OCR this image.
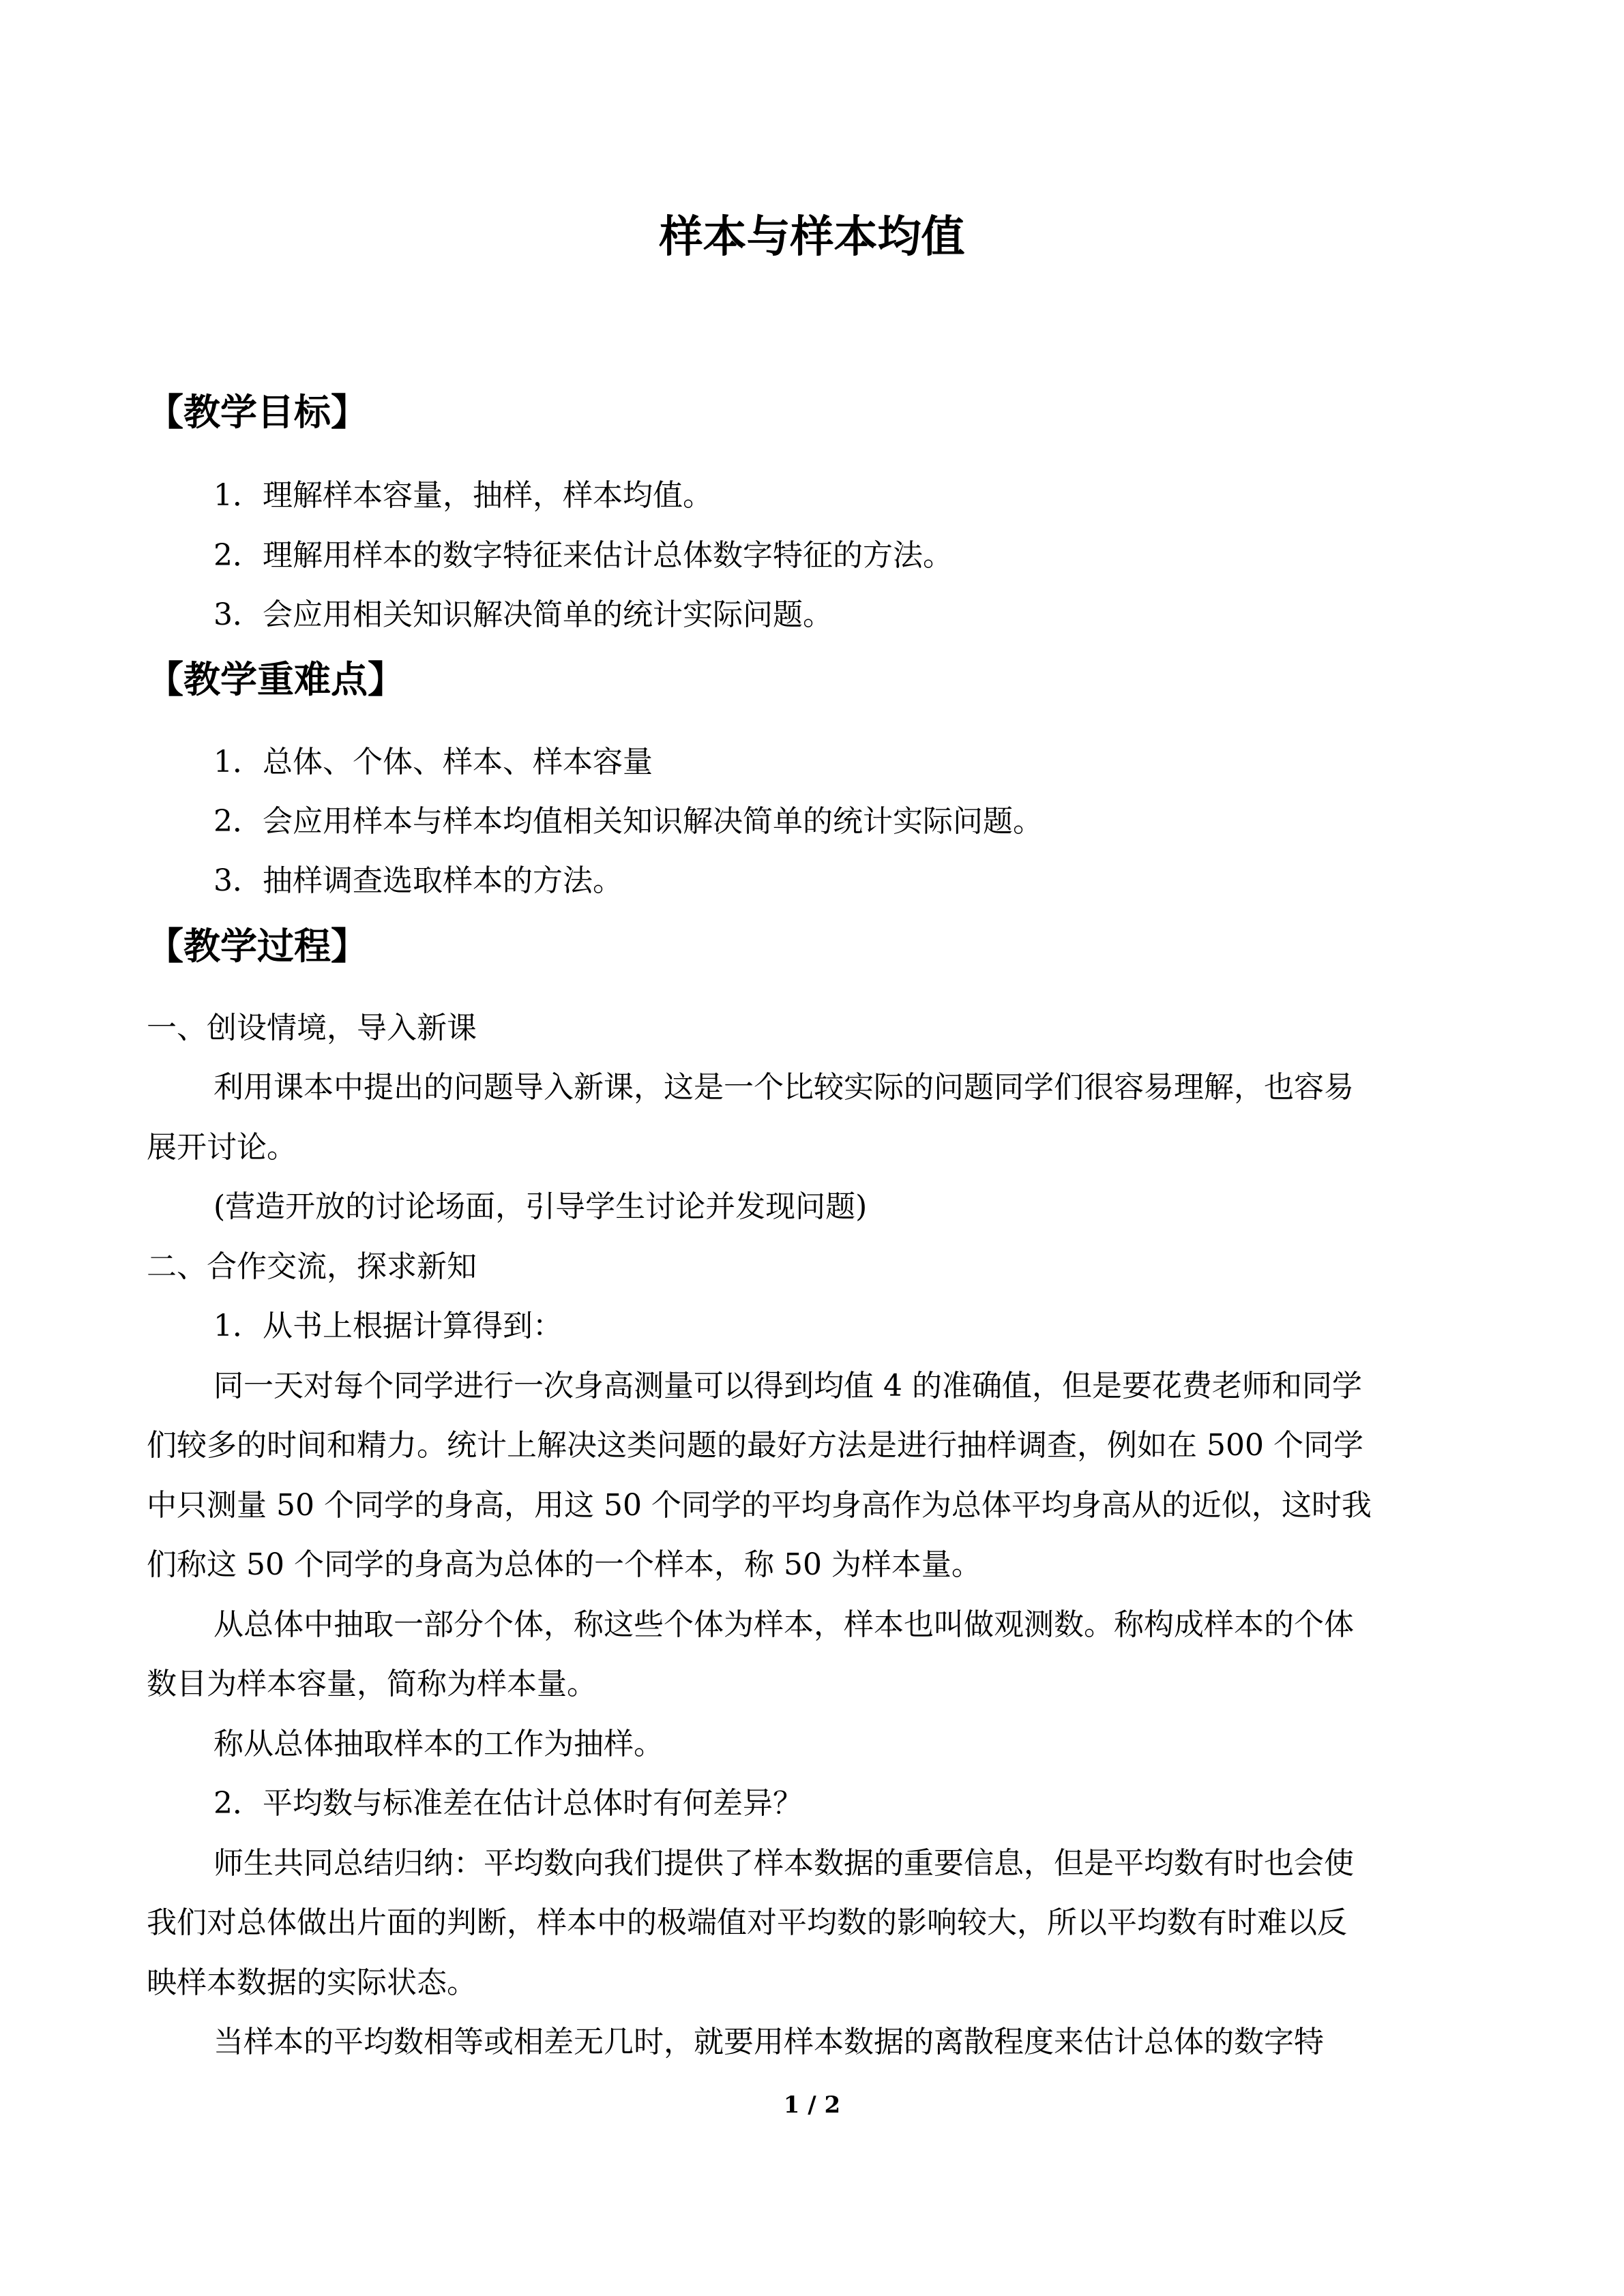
样本与样本均值
【教学目标】
1．理解样本容量，抽样，样本均值。
2．理解用样本的数字特征来估计总体数字特征的方法。
3．会应用相关知识解决简单的统计实际问题。
【教学重难点】
1．总体、个体、样本、样本容量
2．会应用样本与样本均值相关知识解决简单的统计实际问题。
3．抽样调查选取样本的方法。
【教学过程】
一、创设情境，导入新课
利用课本中提出的问题导入新课，这是一个比较实际的问题同学们很容易理解，也容易
展开讨论。
(营造开放的讨论场面，引导学生讨论并发现问题)
二、合作交流，探求新知
1．从书上根据计算得到：
同一天对每个同学进行一次身高测量可以得到均值 4 的准确值，但是要花费老师和同学
们较多的时间和精力。统计上解决这类问题的最好方法是进行抽样调查，例如在 500 个同学
中只测量 50 个同学的身高，用这 50 个同学的平均身高作为总体平均身高从的近似，这时我
们称这 50 个同学的身高为总体的一个样本，称 50 为样本量。
从总体中抽取一部分个体，称这些个体为样本，样本也叫做观测数。称构成样本的个体
数目为样本容量，简称为样本量。
称从总体抽取样本的工作为抽样。
2．平均数与标准差在估计总体时有何差异？
师生共同总结归纳：平均数向我们提供了样本数据的重要信息，但是平均数有时也会使
我们对总体做出片面的判断，样本中的极端值对平均数的影响较大，所以平均数有时难以反
映样本数据的实际状态。
当样本的平均数相等或相差无几时，就要用样本数据的离散程度来估计总体的数字特
1 / 2
